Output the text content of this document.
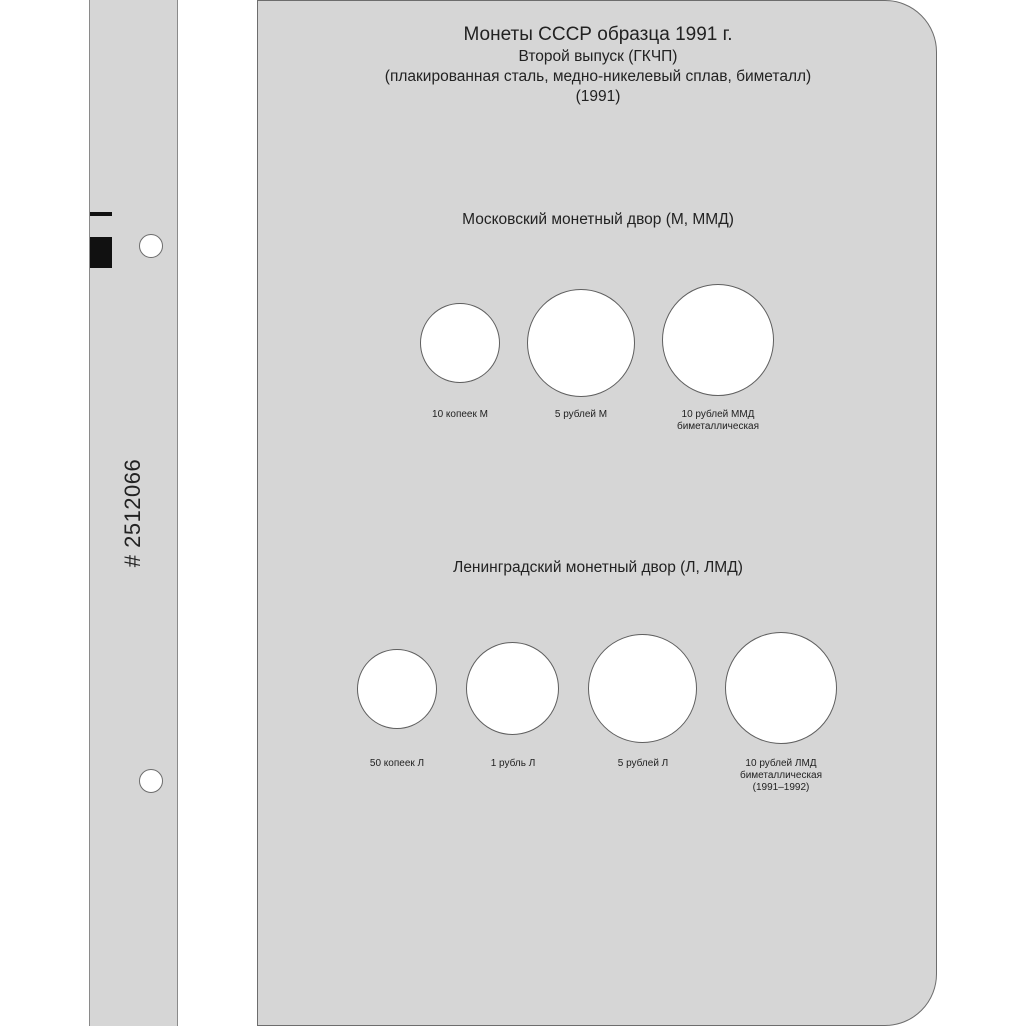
# 2512066
Монеты СССР образца 1991 г.
Второй выпуск (ГКЧП)
(плакированная сталь, медно-никелевый сплав, биметалл)
(1991)
Московский монетный двор (М, ММД)
10 копеек М	5 рублей М	10 рублей ММД
биметаллическая
Ленинградский монетный двор (Л, ЛМД)
50 копеек Л	1 рубль Л	5 рублей Л	10 рублей ЛМД
биметаллическая
(1991–1992)
